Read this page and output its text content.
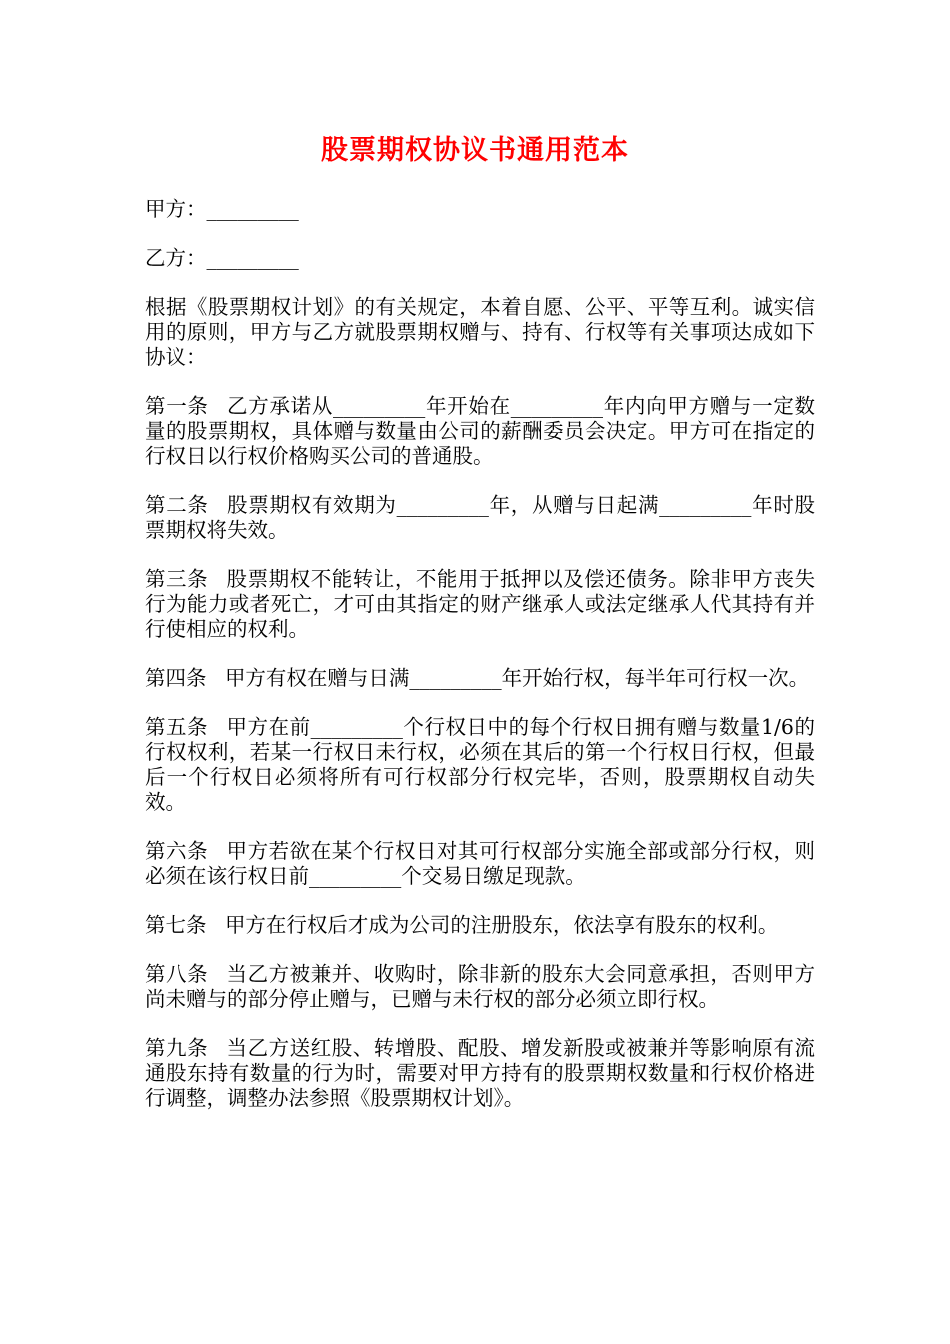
股票期权协议书通用范本

甲方：_________

乙方：_________

根据《股票期权计划》的有关规定，本着自愿、公平、平等互利。诚实信用的原则，甲方与乙方就股票期权赠与、持有、行权等有关事项达成如下协议：

第一条 乙方承诺从_________年开始在_________年内向甲方赠与一定数量的股票期权，具体赠与数量由公司的薪酬委员会决定。甲方可在指定的行权日以行权价格购买公司的普通股。

第二条 股票期权有效期为_________年，从赠与日起满_________年时股票期权将失效。

第三条 股票期权不能转让，不能用于抵押以及偿还债务。除非甲方丧失行为能力或者死亡，才可由其指定的财产继承人或法定继承人代其持有并行使相应的权利。

第四条 甲方有权在赠与日满_________年开始行权，每半年可行权一次。

第五条 甲方在前_________个行权日中的每个行权日拥有赠与数量1/6的行权权利，若某一行权日未行权，必须在其后的第一个行权日行权，但最后一个行权日必须将所有可行权部分行权完毕，否则，股票期权自动失效。

第六条 甲方若欲在某个行权日对其可行权部分实施全部或部分行权，则必须在该行权日前_________个交易日缴足现款。

第七条 甲方在行权后才成为公司的注册股东，依法享有股东的权利。

第八条 当乙方被兼并、收购时，除非新的股东大会同意承担，否则甲方尚未赠与的部分停止赠与，已赠与未行权的部分必须立即行权。

第九条 当乙方送红股、转增股、配股、增发新股或被兼并等影响原有流通股东持有数量的行为时，需要对甲方持有的股票期权数量和行权价格进行调整，调整办法参照《股票期权计划》。
